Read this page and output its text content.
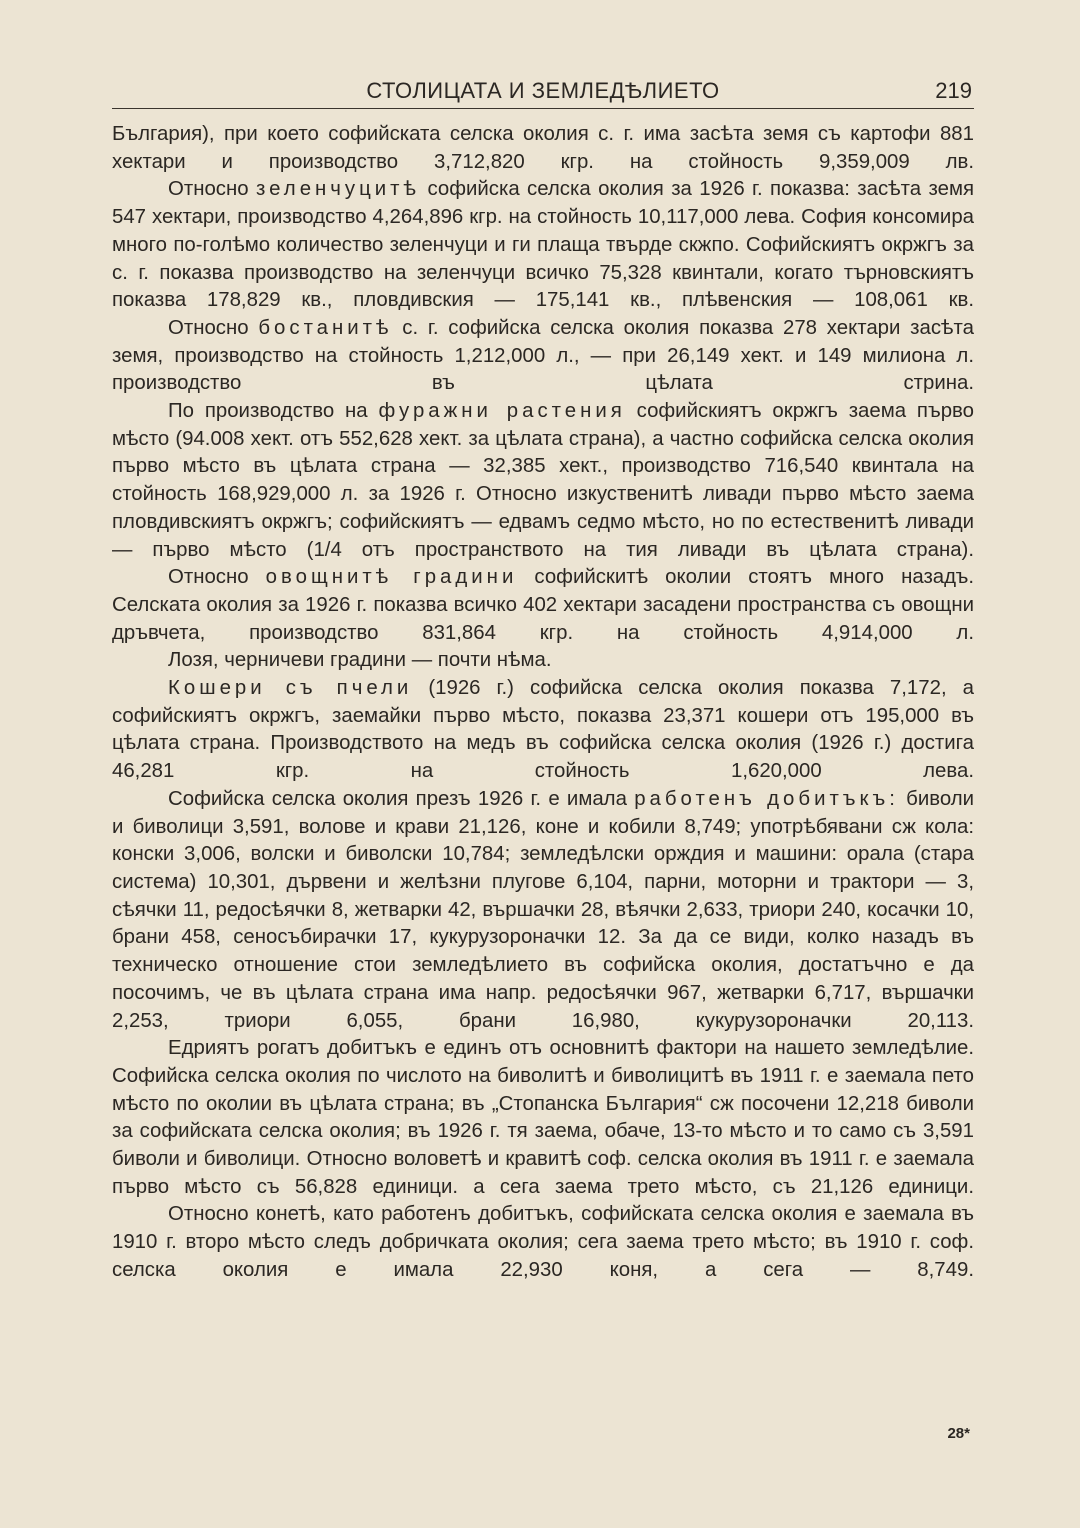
СТОЛИЦАТА И ЗЕМЛЕДѢЛИЕТО	219

България), при което софийската селска околия с. г. има засѣта земя съ картофи 881 хектари и производство 3,712,820 кгр. на стойность 9,359,009 лв.

Относно зеленчуцитѣ софийска селска околия за 1926 г. показва: засѣта земя 547 хектари, производство 4,264,896 кгр. на стойность 10,117,000 лева. София консомира много по-голѣмо количество зеленчуци и ги плаща твърде скжпо. Софийскиятъ окржгъ за с. г. показва производство на зеленчуци всичко 75,328 квинтали, когато търновскиятъ показва 178,829 кв., пловдивския — 175,141 кв., плѣвенския — 108,061 кв.

Относно бостанитѣ с. г. софийска селска околия показва 278 хектари засѣта земя, производство на стойность 1,212,000 л., — при 26,149 хект. и 149 милиона л. производство въ цѣлата стрина.

По производство на фуражни растения софийскиятъ окржгъ заема първо мѣсто (94.008 хект. отъ 552,628 хект. за цѣлата страна), а частно софийска селска околия първо мѣсто въ цѣлата страна — 32,385 хект., производство 716,540 квинтала на стойность 168,929,000 л. за 1926 г. Относно изкуственитѣ ливади първо мѣсто заема пловдивскиятъ окржгъ; софийскиятъ — едвамъ седмо мѣсто, но по естественитѣ ливади — първо мѣсто (1/4 отъ пространството на тия ливади въ цѣлата страна).

Относно овощнитѣ градини софийскитѣ околии стоятъ много назадъ. Селската околия за 1926 г. показва всичко 402 хектари засадени пространства съ овощни дръвчета, производство 831,864 кгр. на стойность 4,914,000 л.

Лозя, черничеви градини — почти нѣма.

Кошери съ пчели (1926 г.) софийска селска околия показва 7,172, а софийскиятъ окржгъ, заемайки първо мѣсто, показва 23,371 кошери отъ 195,000 въ цѣлата страна. Производството на медъ въ софийска селска околия (1926 г.) достига 46,281 кгр. на стойность 1,620,000 лева.

Софийска селска околия презъ 1926 г. е имала работенъ добитъкъ: биволи и биволици 3,591, волове и крави 21,126, коне и кобили 8,749; употрѣбявани сж кола: конски 3,006, волски и биволски 10,784; земледѣлски орждия и машини: орала (стара система) 10,301, дървени и желѣзни плугове 6,104, парни, моторни и трактори — 3, сѣячки 11, редосѣячки 8, жетварки 42, вършачки 28, вѣячки 2,633, триори 240, косачки 10, брани 458, сеносъбирачки 17, кукурузороначки 12. За да се види, колко назадъ въ техническо отношение стои земледѣлието въ софийска околия, достатъчно е да посочимъ, че въ цѣлата страна има напр. редосѣячки 967, жетварки 6,717, вършачки 2,253, триори 6,055, брани 16,980, кукурузороначки 20,113.

Едриятъ рогатъ добитъкъ е единъ отъ основнитѣ фактори на нашето земледѣлие. Софийска селска околия по числото на биволитѣ и биволицитѣ въ 1911 г. е заемала пето мѣсто по околии въ цѣлата страна; въ „Стопанска България“ сж посочени 12,218 биволи за софийската селска околия; въ 1926 г. тя заема, обаче, 13-то мѣсто и то само съ 3,591 биволи и биволици. Относно воловетѣ и кравитѣ соф. селска околия въ 1911 г. е заемала първо мѣсто съ 56,828 единици. а сега заема трето мѣсто, съ 21,126 единици.

Относно конетѣ, като работенъ добитъкъ, софийската селска околия е заемала въ 1910 г. второ мѣсто следъ добричката околия; сега заема трето мѣсто; въ 1910 г. соф. селска околия е имала 22,930 коня, а сега — 8,749.

28*
